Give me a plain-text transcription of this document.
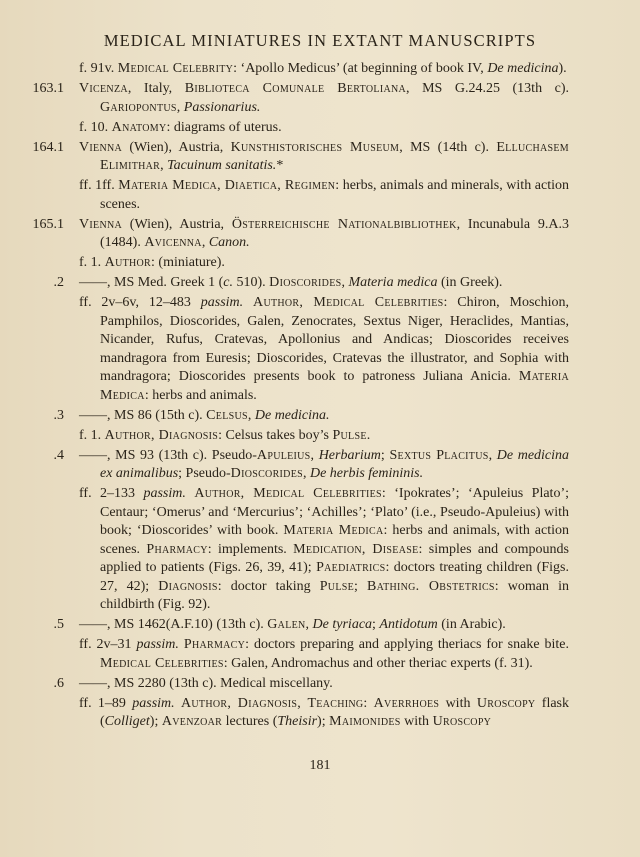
MEDICAL MINIATURES IN EXTANT MANUSCRIPTS
f. 91v. Medical Celebrity: ‘Apollo Medicus’ (at beginning of book IV, De medicina).
163.1 Vicenza, Italy, Biblioteca Comunale Bertoliana, MS G.24.25 (13th c). Gariopontus, Passionarius.
f. 10. Anatomy: diagrams of uterus.
164.1 Vienna (Wien), Austria, Kunsthistorisches Museum, MS (14th c). Elluchasem Elimithar, Tacuinum sanitatis.*
ff. 1ff. Materia Medica, Diaetica, Regimen: herbs, animals and minerals, with action scenes.
165.1 Vienna (Wien), Austria, Österreichische Nationalbibliothek, Incunabula 9.A.3 (1484). Avicenna, Canon.
f. 1. Author: (miniature).
.2 ——, MS Med. Greek 1 (c. 510). Dioscorides, Materia medica (in Greek).
ff. 2v–6v, 12–483 passim. Author, Medical Celebrities: Chiron, Moschion, Pamphilos, Dioscorides, Galen, Zenocrates, Sextus Niger, Heraclides, Mantias, Nicander, Rufus, Cratevas, Apollonius and Andicas; Dioscorides receives mandragora from Euresis; Dioscorides, Cratevas the illustrator, and Sophia with mandragora; Dioscorides presents book to patroness Juliana Anicia. Materia Medica: herbs and animals.
.3 ——, MS 86 (15th c). Celsus, De medicina.
f. 1. Author, Diagnosis: Celsus takes boy’s Pulse.
.4 ——, MS 93 (13th c). Pseudo-Apuleius, Herbarium; Sextus Placitus, De medicina ex animalibus; Pseudo-Dioscorides, De herbis femininis.
ff. 2–133 passim. Author, Medical Celebrities: ‘Ipokrates’; ‘Apuleius Plato’; Centaur; ‘Omerus’ and ‘Mercurius’; ‘Achilles’; ‘Plato’ (i.e., Pseudo-Apuleius) with book; ‘Dioscorides’ with book. Materia Medica: herbs and animals, with action scenes. Pharmacy: implements. Medication, Disease: simples and compounds applied to patients (Figs. 26, 39, 41); Paediatrics: doctors treating children (Figs. 27, 42); Diagnosis: doctor taking Pulse; Bathing. Obstetrics: woman in childbirth (Fig. 92).
.5 ——, MS 1462(A.F.10) (13th c). Galen, De tyriaca; Antidotum (in Arabic).
ff. 2v–31 passim. Pharmacy: doctors preparing and applying theriacs for snake bite. Medical Celebrities: Galen, Andromachus and other theriac experts (f. 31).
.6 ——, MS 2280 (13th c). Medical miscellany.
ff. 1–89 passim. Author, Diagnosis, Teaching: Averrhoes with Uroscopy flask (Colliget); Avenzoar lectures (Theisir); Maimonides with Uroscopy
181
